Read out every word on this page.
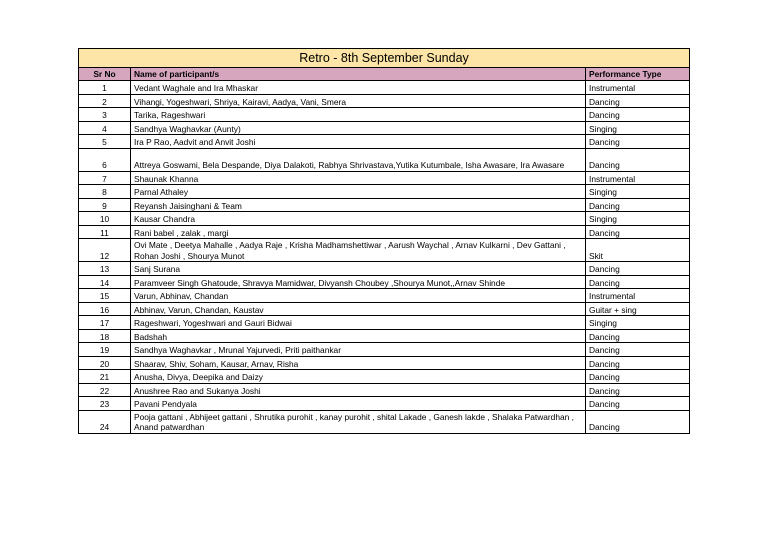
Retro - 8th September Sunday		
Sr No	Name of participant/s	Performance Type
1	Vedant Waghale and Ira Mhaskar	Instrumental
2	Vihangi, Yogeshwari, Shriya, Kairavi, Aadya, Vani, Smera	Dancing
3	Tarika, Rageshwari	Dancing
4	Sandhya Waghavkar (Aunty)	Singing
5	Ira P Rao, Aadvit and Anvit Joshi	Dancing
6	Attreya Goswami, Bela Despande, Diya Dalakoti, Rabhya Shrivastava,Yutika Kutumbale, Isha Awasare, Ira Awasare	Dancing
7	Shaunak Khanna	Instrumental
8	Parnal Athaley	Singing
9	Reyansh Jaisinghani & Team	Dancing
10	Kausar Chandra	Singing
11	Rani babel , zalak , margi	Dancing
12	Ovi Mate , Deetya Mahalle , Aadya Raje , Krisha Madhamshettiwar , Aarush Waychal , Arnav Kulkarni , Dev Gattani , Rohan Joshi , Shourya Munot	Skit
13	Sanj Surana	Dancing
14	Paramveer Singh Ghatoude, Shravya Mamidwar, Divyansh Choubey ,Shourya Munot,,Arnav Shinde	Dancing
15	Varun, Abhinav, Chandan	Instrumental
16	Abhinav, Varun, Chandan, Kaustav	Guitar + sing
17	Rageshwari, Yogeshwari and Gauri Bidwai	Singing
18	Badshah	Dancing
19	Sandhya Waghavkar , Mrunal Yajurvedi, Priti paithankar	Dancing
20	Shaarav, Shiv, Soham, Kausar, Arnav, Risha	Dancing
21	Anusha, Divya, Deepika and Daizy	Dancing
22	Anushree Rao and Sukanya Joshi	Dancing
23	Pavani Pendyala	Dancing
24	Pooja gattani , Abhijeet gattani , Shrutika purohit , kanay purohit , shital Lakade , Ganesh lakde , Shalaka Patwardhan , Anand patwardhan	Dancing
